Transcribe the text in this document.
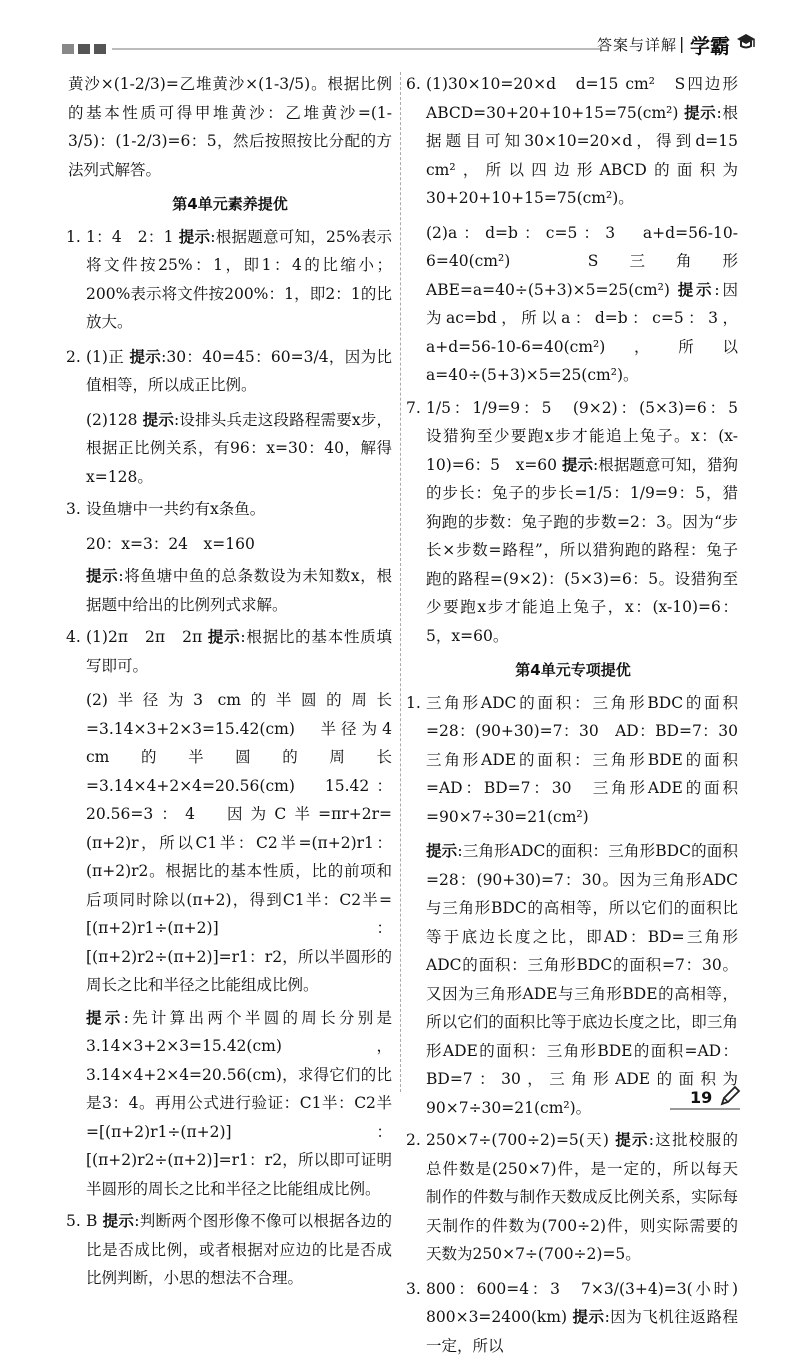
答案与详解 | 学霸

黄沙×(1-2/3)=乙堆黄沙×(1-3/5)。根据比例的基本性质可得甲堆黄沙：乙堆黄沙=(1-3/5)：(1-2/3)=6：5，然后按照按比分配的方法列式解答。

第4单元素养提优
1. 1：4　2：1 提示:根据题意可知，25%表示将文件按25%：1，即1：4的比缩小；200%表示将文件按200%：1，即2：1的比放大。
2. (1)正 提示:30：40=45：60=3/4，因为比值相等，所以成正比例。

(2)128 提示:设排头兵走这段路程需要x步，根据正比例关系，有96：x=30：40，解得x=128。

3. 设鱼塘中一共约有x条鱼。

20：x=3：24　x=160

提示:将鱼塘中鱼的总条数设为未知数x，根据题中给出的比例列式求解。

4. (1)2π　2π　2π 提示:根据比的基本性质填写即可。

(2)半径为3 cm的半圆的周长=3.14×3+2×3=15.42(cm)　半径为4 cm的半圆的周长=3.14×4+2×4=20.56(cm)　15.42：20.56=3：4　因为C半=πr+2r=(π+2)r，所以C1半：C2半=(π+2)r1：(π+2)r2。根据比的基本性质，比的前项和后项同时除以(π+2)，得到C1半：C2半=[(π+2)r1÷(π+2)]：[(π+2)r2÷(π+2)]=r1：r2，所以半圆形的周长之比和半径之比能组成比例。

提示:先计算出两个半圆的周长分别是3.14×3+2×3=15.42(cm)，3.14×4+2×4=20.56(cm)，求得它们的比是3：4。再用公式进行验证：C1半：C2半=[(π+2)r1÷(π+2)]：[(π+2)r2÷(π+2)]=r1：r2，所以即可证明半圆形的周长之比和半径之比能组成比例。

5. B 提示:判断两个图形像不像可以根据各边的比是否成比例，或者根据对应边的比是否成比例判断，小思的想法不合理。
6. (1)30×10=20×d　d=15 cm²　S四边形ABCD=30+20+10+15=75(cm²) 提示:根据题目可知30×10=20×d，得到d=15 cm²，所以四边形ABCD的面积为30+20+10+15=75(cm²)。

(2)a：d=b：c=5：3　a+d=56-10-6=40(cm²)　S三角形ABE=a=40÷(5+3)×5=25(cm²) 提示:因为ac=bd，所以a：d=b：c=5：3，a+d=56-10-6=40(cm²)，所以a=40÷(5+3)×5=25(cm²)。

7. 1/5：1/9=9：5　(9×2)：(5×3)=6：5　设猎狗至少要跑x步才能追上兔子。x：(x-10)=6：5　x=60 提示:根据题意可知，猎狗的步长：兔子的步长=1/5：1/9=9：5，猎狗跑的步数：兔子跑的步数=2：3。因为“步长×步数=路程”，所以猎狗跑的路程：兔子跑的路程=(9×2)：(5×3)=6：5。设猎狗至少要跑x步才能追上兔子，x：(x-10)=6：5，x=60。
第4单元专项提优
1. 三角形ADC的面积：三角形BDC的面积=28：(90+30)=7：30　AD：BD=7：30　三角形ADE的面积：三角形BDE的面积=AD：BD=7：30　三角形ADE的面积=90×7÷30=21(cm²)

提示:三角形ADC的面积：三角形BDC的面积=28：(90+30)=7：30。因为三角形ADC与三角形BDC的高相等，所以它们的面积比等于底边长度之比，即AD：BD=三角形ADC的面积：三角形BDC的面积=7：30。又因为三角形ADE与三角形BDE的高相等，所以它们的面积比等于底边长度之比，即三角形ADE的面积：三角形BDE的面积=AD：BD=7：30，三角形ADE的面积为90×7÷30=21(cm²)。

2. 250×7÷(700÷2)=5(天) 提示:这批校服的总件数是(250×7)件，是一定的，所以每天制作的件数与制作天数成反比例关系，实际每天制作的件数为(700÷2)件，则实际需要的天数为250×7÷(700÷2)=5。
3. 800：600=4：3　7×3/(3+4)=3(小时)　800×3=2400(km) 提示:因为飞机往返路程一定，所以
19
